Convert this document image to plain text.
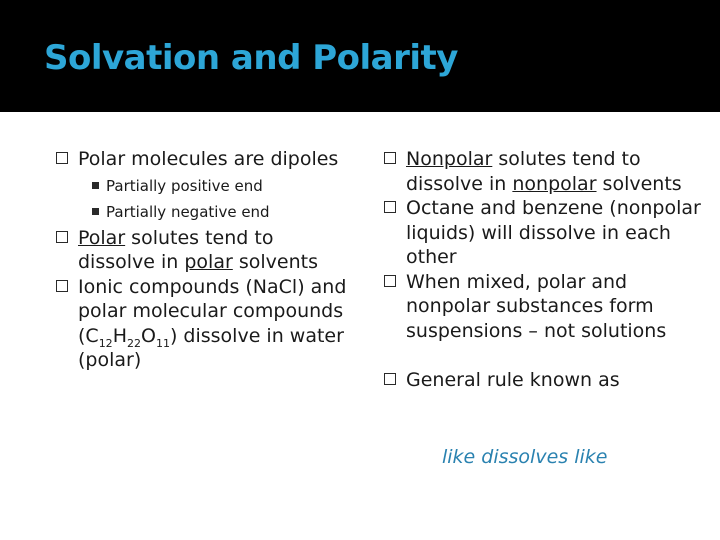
Solvation and Polarity
Polar molecules are dipoles
Partially positive end
Partially negative end
Polar solutes tend to dissolve in polar solvents
Ionic compounds (NaCl) and polar molecular compounds $(C_{12}H_{22}O_{11})$ dissolve in water (polar)
Nonpolar solutes tend to dissolve in nonpolar solvents
Octane and benzene (nonpolar liquids) will dissolve in each other
When mixed, polar and nonpolar substances form suspensions – not solutions
General rule known as
like dissolves like
